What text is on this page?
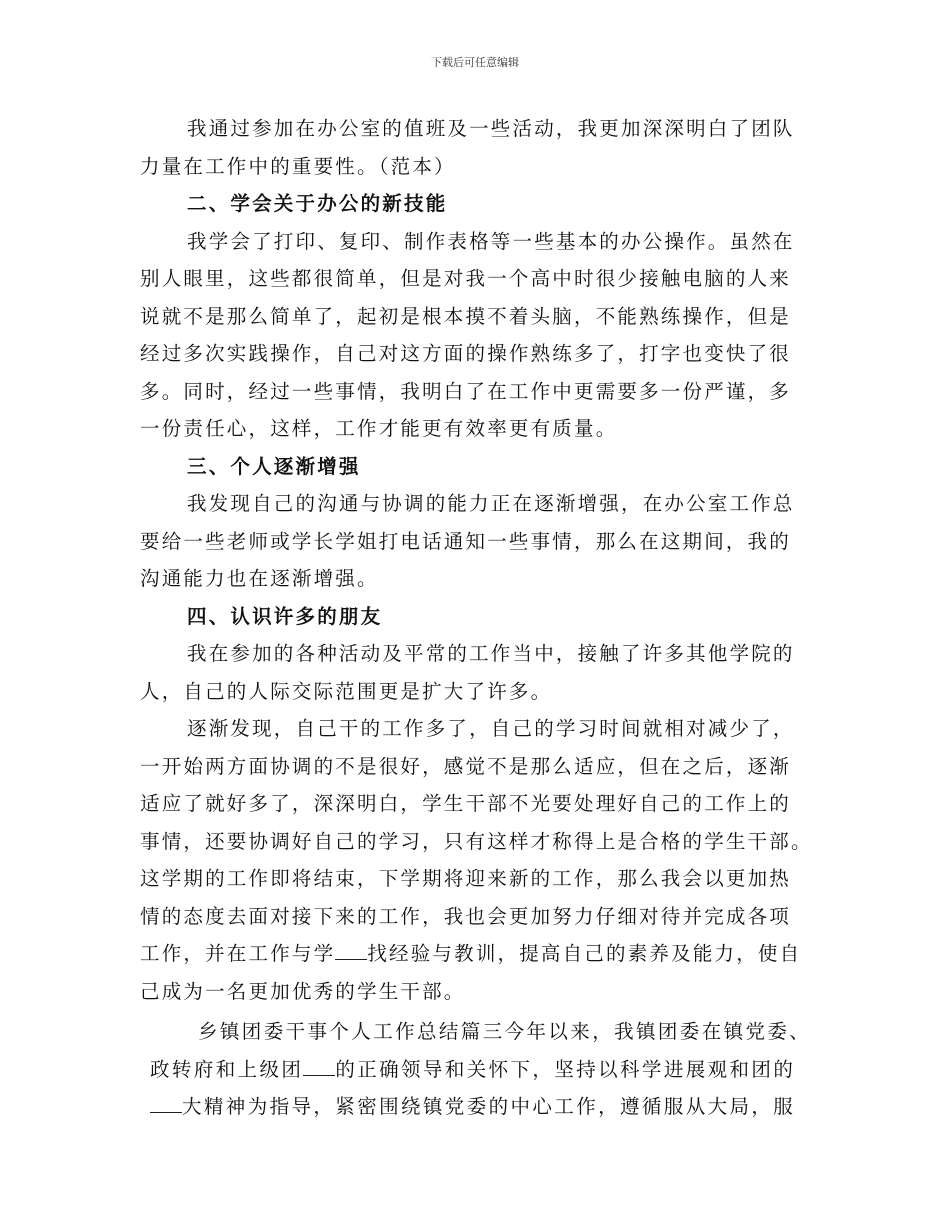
下载后可任意编辑
我通过参加在办公室的值班及一些活动，我更加深深明白了团队
力量在工作中的重要性。（范本）
二、学会关于办公的新技能
我学会了打印、复印、制作表格等一些基本的办公操作。虽然在
别人眼里，这些都很简单，但是对我一个高中时很少接触电脑的人来
说就不是那么简单了，起初是根本摸不着头脑，不能熟练操作，但是
经过多次实践操作，自己对这方面的操作熟练多了，打字也变快了很
多。同时，经过一些事情，我明白了在工作中更需要多一份严谨，多
一份责任心，这样，工作才能更有效率更有质量。
三、个人逐渐增强
我发现自己的沟通与协调的能力正在逐渐增强，在办公室工作总
要给一些老师或学长学姐打电话通知一些事情，那么在这期间，我的
沟通能力也在逐渐增强。
四、认识许多的朋友
我在参加的各种活动及平常的工作当中，接触了许多其他学院的
人，自己的人际交际范围更是扩大了许多。
逐渐发现，自己干的工作多了，自己的学习时间就相对减少了，
一开始两方面协调的不是很好，感觉不是那么适应，但在之后，逐渐
适应了就好多了，深深明白，学生干部不光要处理好自己的工作上的
事情，还要协调好自己的学习，只有这样才称得上是合格的学生干部。
这学期的工作即将结束，下学期将迎来新的工作，那么我会以更加热
情的态度去面对接下来的工作，我也会更加努力仔细对待并完成各项
工作，并在工作与学 找经验与教训，提高自己的素养及能力，使自
己成为一名更加优秀的学生干部。
乡镇团委干事个人工作总结篇三今年以来，我镇团委在镇党委、
政转府和上级团 的正确领导和关怀下，坚持以科学进展观和团的
大精神为指导，紧密围绕镇党委的中心工作，遵循服从大局，服
